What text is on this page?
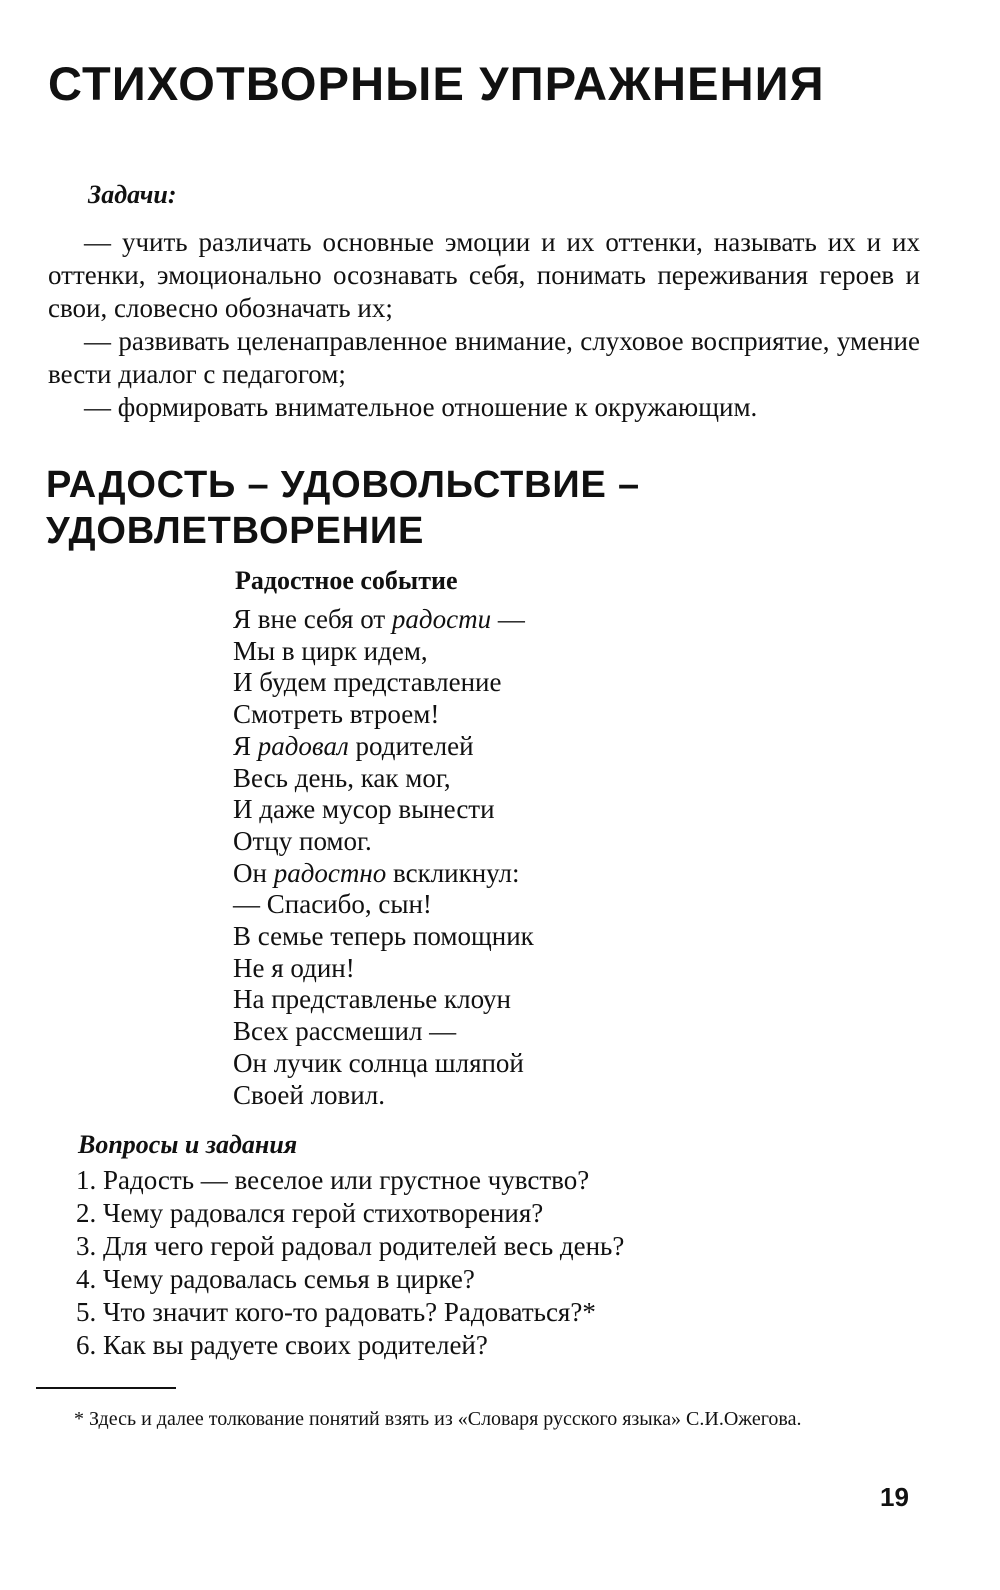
СТИХОТВОРНЫЕ УПРАЖНЕНИЯ
Задачи:

— учить различать основные эмоции и их оттенки, называть их и их оттенки, эмоционально осознавать себя, понимать переживания героев и свои, словесно обозначать их;

— развивать целенаправленное внимание, слуховое восприятие, умение вести диалог с педагогом;

— формировать внимательное отношение к окружающим.

РАДОСТЬ – УДОВОЛЬСТВИЕ –
УДОВЛЕТВОРЕНИЕ
Радостное событие
Я вне себя от радости —
Мы в цирк идем,
И будем представление
Смотреть втроем!
Я радовал родителей
Весь день, как мог,
И даже мусор вынести
Отцу помог.
Он радостно вскликнул:
— Спасибо, сын!
В семье теперь помощник
Не я один!
На представленье клоун
Всех рассмешил —
Он лучик солнца шляпой
Своей ловил.
Вопросы и задания
1. Радость — веселое или грустное чувство?
2. Чему радовался герой стихотворения?
3. Для чего герой радовал родителей весь день?
4. Чему радовалась семья в цирке?
5. Что значит кого-то радовать? Радоваться?*
6. Как вы радуете своих родителей?
* Здесь и далее толкование понятий взять из «Словаря русского языка» С.И.Ожегова.
19
